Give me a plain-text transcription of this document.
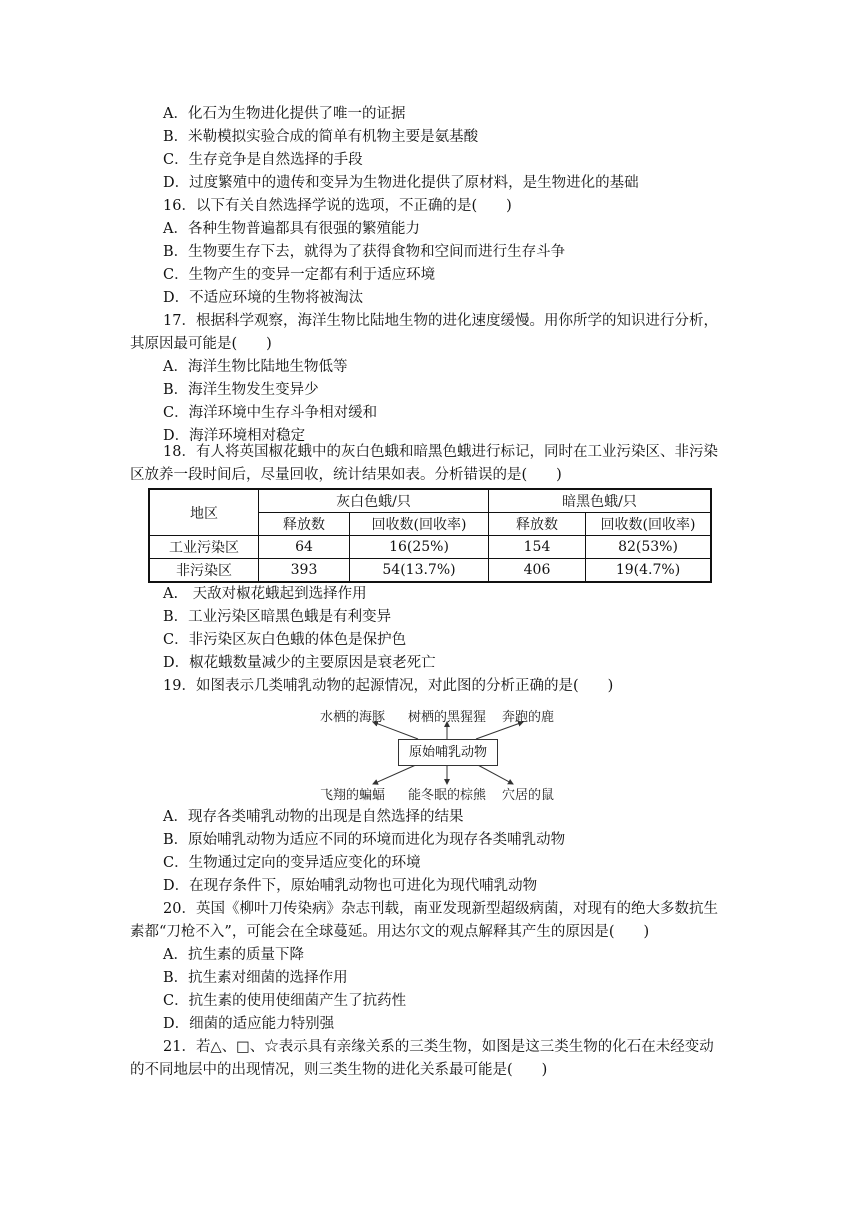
A．化石为生物进化提供了唯一的证据
B．米勒模拟实验合成的简单有机物主要是氨基酸
C．生存竞争是自然选择的手段
D．过度繁殖中的遗传和变异为生物进化提供了原材料，是生物进化的基础
16．以下有关自然选择学说的选项，不正确的是(　　)
A．各种生物普遍都具有很强的繁殖能力
B．生物要生存下去，就得为了获得食物和空间而进行生存斗争
C．生物产生的变异一定都有利于适应环境
D．不适应环境的生物将被淘汰
17．根据科学观察，海洋生物比陆地生物的进化速度缓慢。用你所学的知识进行分析，
其原因最可能是(　　)
A．海洋生物比陆地生物低等
B．海洋生物发生变异少
C．海洋环境中生存斗争相对缓和
D．海洋环境相对稳定
18．有人将英国椒花蛾中的灰白色蛾和暗黑色蛾进行标记，同时在工业污染区、非污染
区放养一段时间后，尽量回收，统计结果如表。分析错误的是(　　)
地区	灰白色蛾/只		暗黑色蛾/只	
	释放数	回收数(回收率)	释放数	回收数(回收率)
工业污染区	64	16(25%)	154	82(53%)
非污染区	393	54(13.7%)	406	19(4.7%)
A.　天敌对椒花蛾起到选择作用
B．工业污染区暗黑色蛾是有利变异
C．非污染区灰白色蛾的体色是保护色
D．椒花蛾数量减少的主要原因是衰老死亡
19．如图表示几类哺乳动物的起源情况，对此图的分析正确的是(　　)
水栖的海豚 树栖的黑猩猩 奔跑的鹿
原始哺乳动物
飞翔的蝙蝠 能冬眠的棕熊 穴居的鼠
A．现存各类哺乳动物的出现是自然选择的结果
B．原始哺乳动物为适应不同的环境而进化为现存各类哺乳动物
C．生物通过定向的变异适应变化的环境
D．在现存条件下，原始哺乳动物也可进化为现代哺乳动物
20．英国《柳叶刀传染病》杂志刊载，南亚发现新型超级病菌，对现有的绝大多数抗生
素都“刀枪不入”，可能会在全球蔓延。用达尔文的观点解释其产生的原因是(　　)
A．抗生素的质量下降
B．抗生素对细菌的选择作用
C．抗生素的使用使细菌产生了抗药性
D．细菌的适应能力特别强
21．若△、□、☆表示具有亲缘关系的三类生物，如图是这三类生物的化石在未经变动
的不同地层中的出现情况，则三类生物的进化关系最可能是(　　)
